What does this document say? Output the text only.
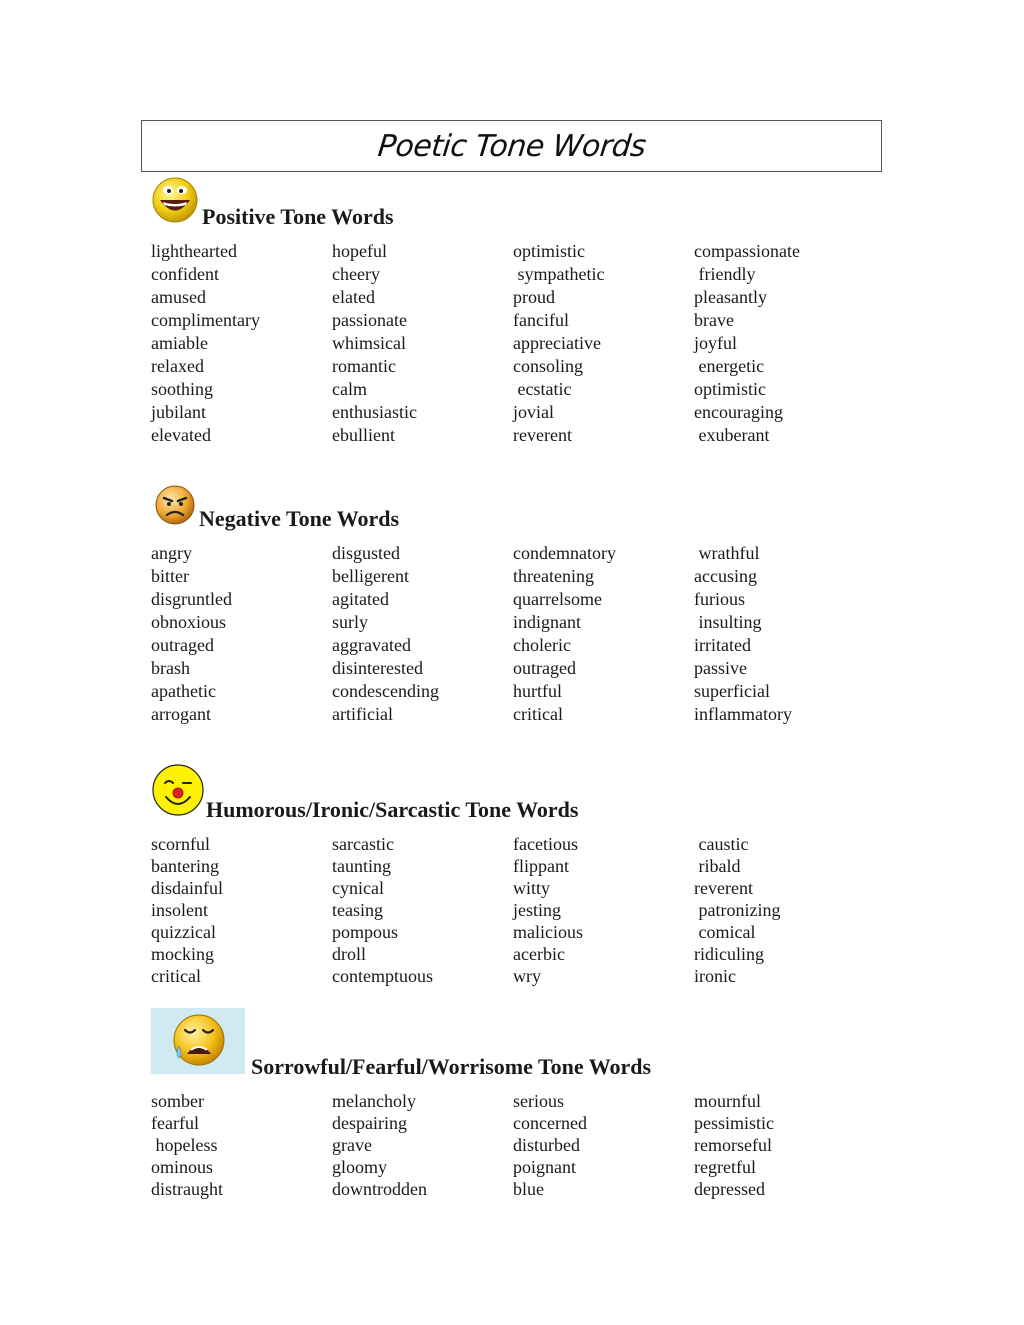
Poetic Tone Words
Positive Tone Words
lighthearted	hopeful	optimistic	compassionate
confident	cheery	sympathetic	friendly
amused	elated	proud	pleasantly
complimentary	passionate	fanciful	brave
amiable	whimsical	appreciative	joyful
relaxed	romantic	consoling	energetic
soothing	calm	ecstatic	optimistic
jubilant	enthusiastic	jovial	encouraging
elevated	ebullient	reverent	exuberant
Negative Tone Words
angry	disgusted	condemnatory	wrathful
bitter	belligerent	threatening	accusing
disgruntled	agitated	quarrelsome	furious
obnoxious	surly	indignant	insulting
outraged	aggravated	choleric	irritated
brash	disinterested	outraged	passive
apathetic	condescending	hurtful	superficial
arrogant	artificial	critical	inflammatory
Humorous/Ironic/Sarcastic Tone Words
scornful	sarcastic	facetious	caustic
bantering	taunting	flippant	ribald
disdainful	cynical	witty	reverent
insolent	teasing	jesting	patronizing
quizzical	pompous	malicious	comical
mocking	droll	acerbic	ridiculing
critical	contemptuous	wry	ironic
Sorrowful/Fearful/Worrisome Tone Words
somber	melancholy	serious	mournful
fearful	despairing	concerned	pessimistic
hopeless	grave	disturbed	remorseful
ominous	gloomy	poignant	regretful
distraught	downtrodden	blue	depressed
